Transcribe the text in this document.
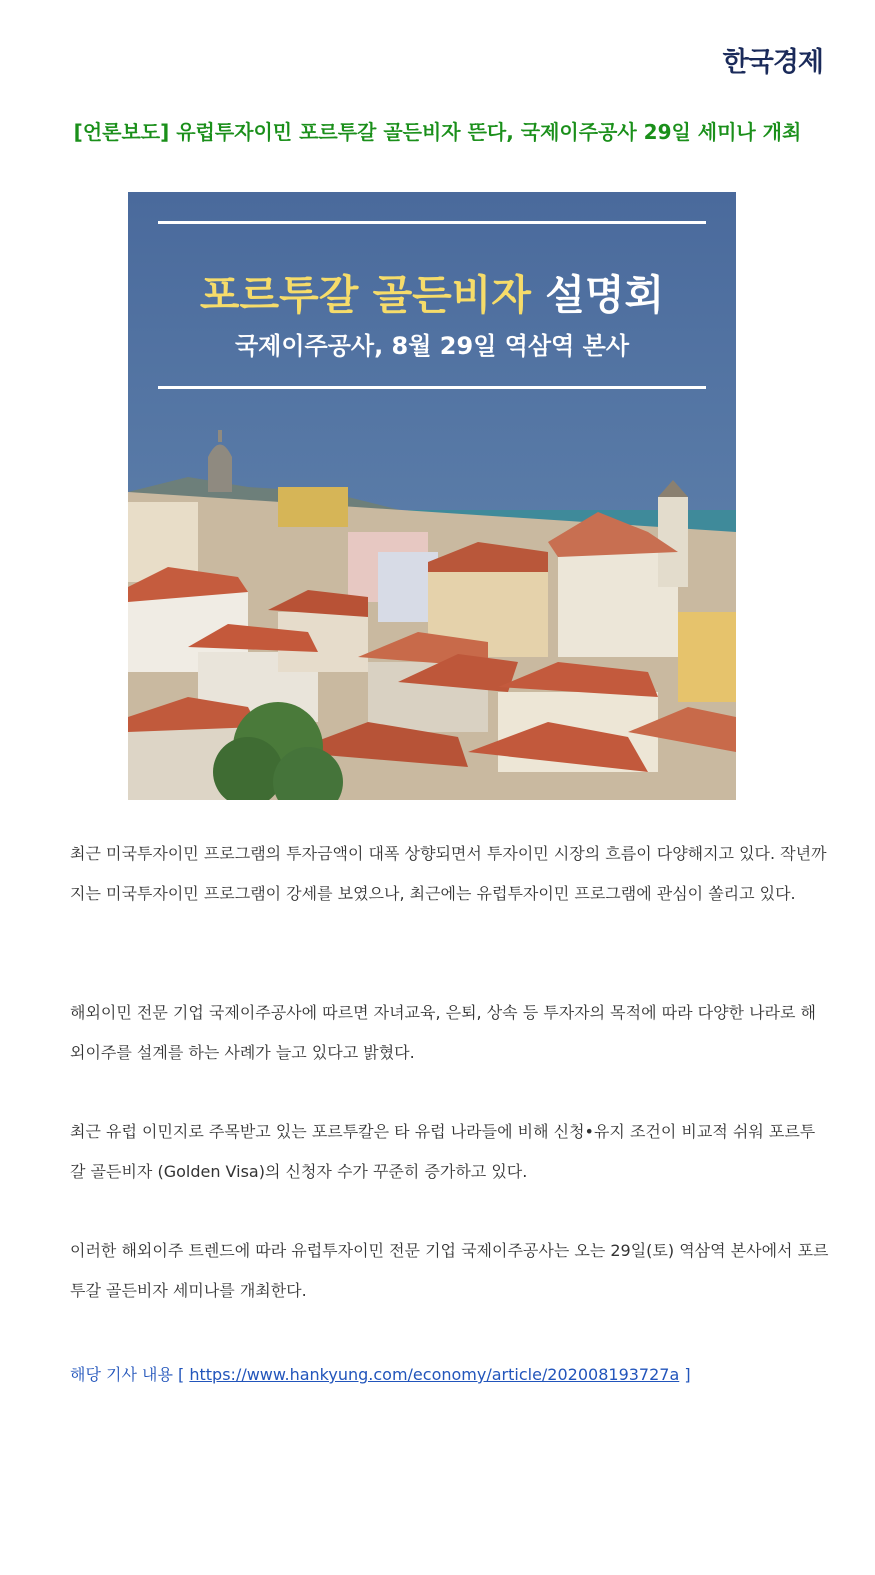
한국경제
[언론보도] 유럽투자이민 포르투갈 골든비자 뜬다, 국제이주공사 29일 세미나 개최
포르투갈 골든비자 설명회
국제이주공사, 8월 29일 역삼역 본사
최근 미국투자이민 프로그램의 투자금액이 대폭 상향되면서 투자이민 시장의 흐름이 다양해지고 있다. 작년까지는 미국투자이민 프로그램이 강세를 보였으나, 최근에는 유럽투자이민 프로그램에 관심이 쏠리고 있다.
해외이민 전문 기업 국제이주공사에 따르면 자녀교육, 은퇴, 상속 등 투자자의 목적에 따라 다양한 나라로 해외이주를 설계를 하는 사례가 늘고 있다고 밝혔다.
최근 유럽 이민지로 주목받고 있는 포르투칼은 타 유럽 나라들에 비해 신청•유지 조건이 비교적 쉬워 포르투갈 골든비자 (Golden Visa)의 신청자 수가 꾸준히 증가하고 있다.
이러한 해외이주 트렌드에 따라 유럽투자이민 전문 기업 국제이주공사는 오는 29일(토) 역삼역 본사에서 포르투갈 골든비자 세미나를 개최한다.
해당 기사 내용 [ https://www.hankyung.com/economy/article/202008193727a ]
